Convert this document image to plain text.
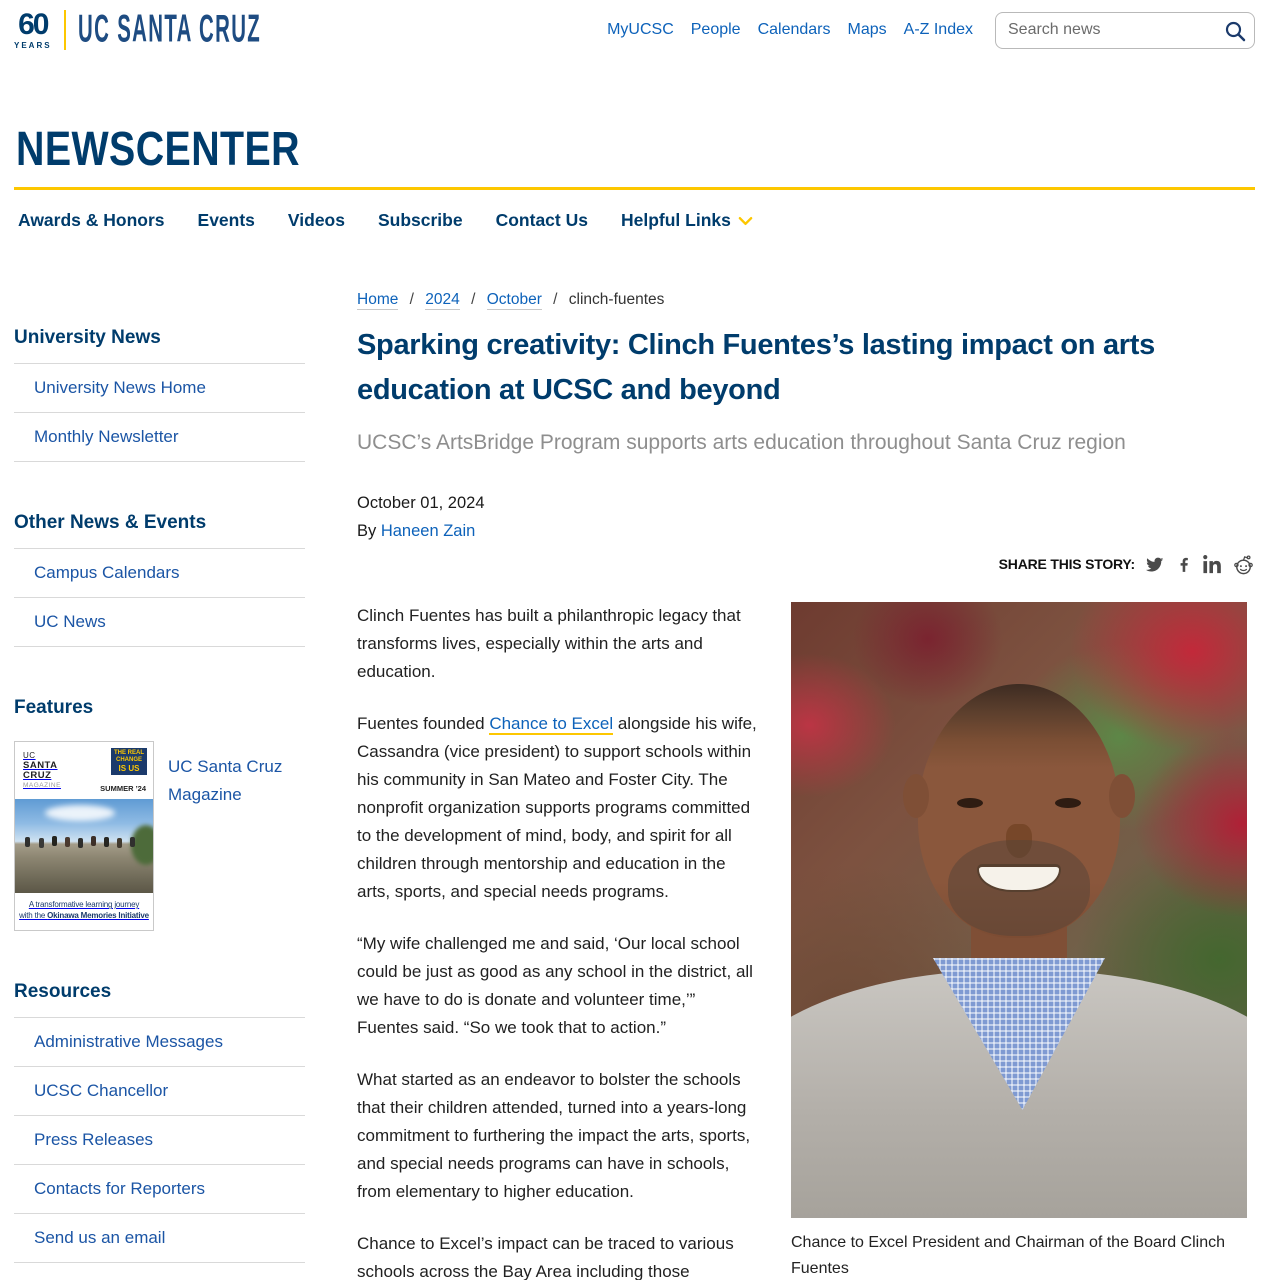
60
YEARS UC SANTA CRUZ	MyUCSC People Calendars Maps A-Z Index
Search news
NEWSCENTER
Awards & Honors Events Videos Subscribe Contact Us Helpful Links
University News
University News Home
Monthly Newsletter
Other News & Events
Campus Calendars
UC News
Features
UC
SANTA
CRUZ
MAGAZINE
THE REAL
CHANGE
IS US
SUMMER ’24
A transformative learning journey
with the Okinawa Memories Initiative
UC Santa Cruz Magazine
Resources
Administrative Messages
UCSC Chancellor
Press Releases
Contacts for Reporters
Send us an email
Home / 2024 / October / clinch-fuentes
Sparking creativity: Clinch Fuentes’s lasting impact on arts education at UCSC and beyond
UCSC’s ArtsBridge Program supports arts education throughout Santa Cruz region
October 01, 2024
By Haneen Zain
SHARE THIS STORY:

Clinch Fuentes has built a philanthropic legacy that transforms lives, especially within the arts and education.

Fuentes founded Chance to Excel alongside his wife, Cassandra (vice president) to support schools within his community in San Mateo and Foster City. The nonprofit organization supports programs committed to the development of mind, body, and spirit for all children through mentorship and education in the arts, sports, and special needs programs.

“My wife challenged me and said, ‘Our local school could be just as good as any school in the district, all we have to do is donate and volunteer time,’” Fuentes said. “So we took that to action.”

What started as an endeavor to bolster the schools that their children attended, turned into a years-long commitment to furthering the impact the arts, sports, and special needs programs can have in schools, from elementary to higher education.

Chance to Excel’s impact can be traced to various schools across the Bay Area including those

Chance to Excel President and Chairman of the Board Clinch Fuentes
